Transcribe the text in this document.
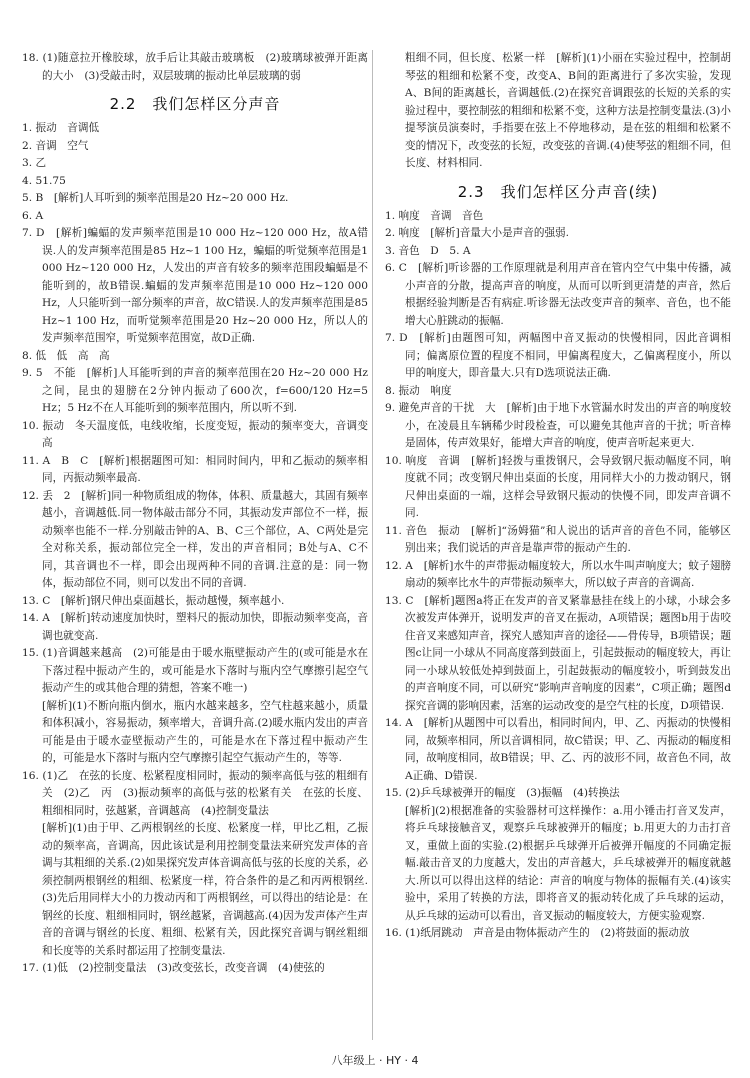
18. (1)随意拉开橡胶球，放手后让其敲击玻璃板　(2)玻璃球被弹开距离的大小　(3)受敲击时，双层玻璃的振动比单层玻璃的弱

2.2　我们怎样区分声音

1. 振动　音调低

2. 音调　空气

3. 乙

4. 51.75

5. B　[解析]人耳听到的频率范围是20 Hz~20 000 Hz.

6. A

7. D　[解析]蝙蝠的发声频率范围是10 000 Hz~120 000 Hz，故A错误.人的发声频率范围是85 Hz~1 100 Hz，蝙蝠的听觉频率范围是1 000 Hz~120 000 Hz，人发出的声音有较多的频率范围段蝙蝠是不能听到的，故B错误.蝙蝠的发声频率范围是10 000 Hz~120 000 Hz，人只能听到一部分频率的声音，故C错误.人的发声频率范围是85 Hz~1 100 Hz，而听觉频率范围是20 Hz~20 000 Hz，所以人的发声频率范围窄，听觉频率范围宽，故D正确.

8. 低　低　高　高

9. 5　不能　[解析]人耳能听到的声音的频率范围在20 Hz~20 000 Hz之间，昆虫的翅膀在2分钟内振动了600次，f=600/120 Hz=5 Hz；5 Hz不在人耳能听到的频率范围内，所以听不到.

10. 振动　冬天温度低，电线收缩，长度变短，振动的频率变大，音调变高

11. A　B　C　[解析]根据题图可知：相同时间内，甲和乙振动的频率相同，丙振动频率最高.

12. 丢　2　[解析]同一种物质组成的物体，体积、质量越大，其固有频率越小，音调越低.同一物体敲击部分不同，其振动发声部位不一样，振动频率也能不一样.分别敲击钟的A、B、C三个部位，A、C两处是完全对称关系，振动部位完全一样，发出的声音相同；B处与A、C不同，其音调也不一样，即会出现两种不同的音调.注意的是：同一物体，振动部位不同，则可以发出不同的音调.

13. C　[解析]钢尺伸出桌面越长，振动越慢，频率越小.

14. A　[解析]转动速度加快时，塑料尺的振动加快，即振动频率变高，音调也就变高.

15. (1)音调越来越高　(2)可能是由于暖水瓶壁振动产生的(或可能是水在下落过程中振动产生的，或可能是水下落时与瓶内空气摩擦引起空气振动产生的或其他合理的猜想，答案不唯一)

[解析](1)不断向瓶内倒水，瓶内水越来越多，空气柱越来越小，质量和体积减小，容易振动，频率增大，音调升高.(2)暖水瓶内发出的声音可能是由于暖水壶壁振动产生的，可能是水在下落过程中振动产生的，可能是水下落时与瓶内空气摩擦引起空气振动产生的，等等.

16. (1)乙　在弦的长度、松紧程度相同时，振动的频率高低与弦的粗细有关　(2)乙　丙　(3)振动频率的高低与弦的松紧有关　在弦的长度、粗细相同时，弦越紧，音调越高　(4)控制变量法

[解析](1)由于甲、乙两根钢丝的长度、松紧度一样，甲比乙粗，乙振动的频率高，音调高，因此该试是利用控制变量法来研究发声体的音调与其粗细的关系.(2)如果探究发声体音调高低与弦的长度的关系，必须控制两根钢丝的粗细、松紧度一样，符合条件的是乙和丙两根钢丝.(3)先后用同样大小的力拨动丙和丁两根钢丝，可以得出的结论是：在钢丝的长度、粗细相同时，钢丝越紧，音调越高.(4)因为发声体产生声音的音调与钢丝的长度、粗细、松紧有关，因此探究音调与钢丝粗细和长度等的关系时都运用了控制变量法.

17. (1)低　(2)控制变量法　(3)改变弦长，改变音调　(4)使弦的

粗细不同，但长度、松紧一样　[解析](1)小丽在实验过程中，控制胡琴弦的粗细和松紧不变，改变A、B间的距离进行了多次实验，发现A、B间的距离越长，音调越低.(2)在探究音调跟弦的长短的关系的实验过程中，要控制弦的粗细和松紧不变，这种方法是控制变量法.(3)小提琴演员演奏时，手指要在弦上不停地移动，是在弦的粗细和松紧不变的情况下，改变弦的长短，改变弦的音调.(4)使琴弦的粗细不同，但长度、材料相同.

2.3　我们怎样区分声音(续)

1. 响度　音调　音色

2. 响度　[解析]音量大小是声音的强弱.

3. 音色　D　5. A

6. C　[解析]听诊器的工作原理就是利用声音在管内空气中集中传播，减小声音的分散，提高声音的响度，从而可以听到更清楚的声音，然后根据经验判断是否有病症.听诊器无法改变声音的频率、音色，也不能增大心脏跳动的振幅.

7. D　[解析]由题图可知，两幅图中音叉振动的快慢相同，因此音调相同；偏离原位置的程度不相同，甲偏离程度大，乙偏离程度小，所以甲的响度大，即音量大.只有D选项说法正确.

8. 振动　响度

9. 避免声音的干扰　大　[解析]由于地下水管漏水时发出的声音的响度较小，在凌晨且车辆稀少时段检查，可以避免其他声音的干扰；听音棒是固体，传声效果好，能增大声音的响度，使声音听起来更大.

10. 响度　音调　[解析]轻拨与重拨钢尺，会导致钢尺振动幅度不同，响度就不同；改变钢尺伸出桌面的长度，用同样大小的力拨动钢尺，钢尺伸出桌面的一端，这样会导致钢尺振动的快慢不同，即发声音调不同.

11. 音色　振动　[解析]“汤姆猫”和人说出的话声音的音色不同，能够区别出来；我们说话的声音是靠声带的振动产生的.

12. A　[解析]水牛的声带振动幅度较大，所以水牛叫声响度大；蚊子翅膀扇动的频率比水牛的声带振动频率大，所以蚊子声音的音调高.

13. C　[解析]题图a将正在发声的音叉紧靠悬挂在线上的小球，小球会多次被发声体弹开，说明发声的音叉在振动，A项错误；题图b用于齿咬住音叉来感知声音，探究人感知声音的途径——骨传导，B项错误；题图c让同一小球从不同高度落到鼓面上，引起鼓振动的幅度较大，再让同一小球从较低处掉到鼓面上，引起鼓振动的幅度较小，听到鼓发出的声音响度不同，可以研究“影响声音响度的因素”，C项正确；题图d探究音调的影响因素，活塞的运动改变的是空气柱的长度，D项错误.

14. A　[解析]从题图中可以看出，相同时间内，甲、乙、丙振动的快慢相同，故频率相同，所以音调相同，故C错误；甲、乙、丙振动的幅度相同，故响度相同，故B错误；甲、乙、丙的波形不同，故音色不同，故A正确、D错误.

15. (2)乒乓球被弹开的幅度　(3)振幅　(4)转换法

[解析](2)根据准备的实验器材可这样操作：a.用小锤击打音叉发声，将乒乓球接触音叉，观察乒乓球被弹开的幅度；b.用更大的力击打音叉，重做上面的实验.(2)根据乒乓球弹开后被弹开幅度的不同确定振幅.敲击音叉的力度越大，发出的声音越大，乒乓球被弹开的幅度就越大.所以可以得出这样的结论：声音的响度与物体的振幅有关.(4)该实验中，采用了转换的方法，即将音叉的振动转化成了乒乓球的运动，从乒乓球的运动可以看出，音叉振动的幅度较大，方便实验观察.

16. (1)纸屑跳动　声音是由物体振动产生的　(2)将鼓面的振动放

八年级上 · HY · 4
